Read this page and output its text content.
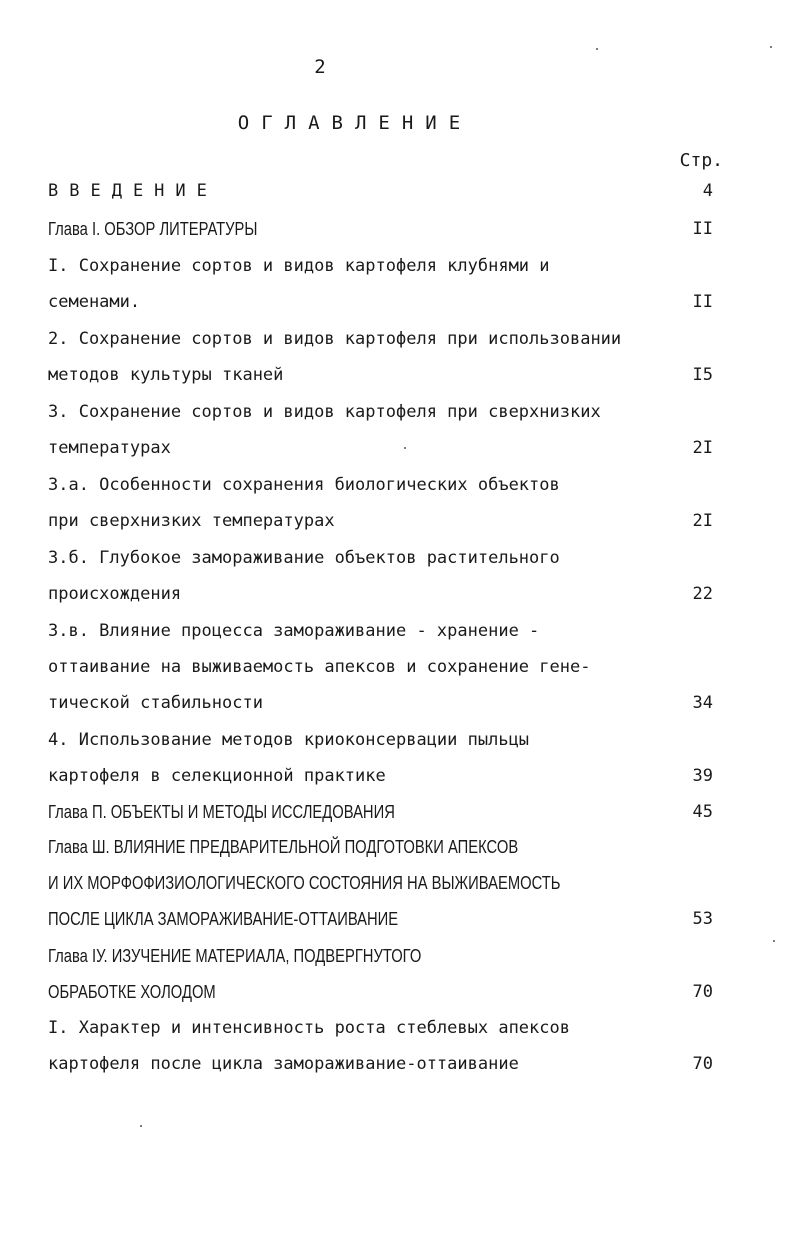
2
ОГЛАВЛЕНИЕ
Стр.
ВВЕДЕНИЕ	4
Глава I. ОБЗОР ЛИТЕРАТУРЫ	II
I. Сохранение сортов и видов картофеля клубнями и
семенами.	II
2. Сохранение сортов и видов картофеля при использовании
методов культуры тканей	I5
3. Сохранение сортов и видов картофеля при сверхнизких
температурах	2I
3.а. Особенности сохранения биологических объектов
при сверхнизких температурах	2I
3.б. Глубокое замораживание объектов растительного
происхождения	22
3.в. Влияние процесса замораживание - хранение -
оттаивание на выживаемость апексов и сохранение гене-
тической стабильности	34
4. Использование методов криоконсервации пыльцы
картофеля в селекционной практике	39
Глава П. ОБЪЕКТЫ И МЕТОДЫ ИССЛЕДОВАНИЯ	45
Глава Ш. ВЛИЯНИЕ ПРЕДВАРИТЕЛЬНОЙ ПОДГОТОВКИ АПЕКСОВ
И ИХ МОРФОФИЗИОЛОГИЧЕСКОГО СОСТОЯНИЯ НА ВЫЖИВАЕМОСТЬ
ПОСЛЕ ЦИКЛА ЗАМОРАЖИВАНИЕ-ОТТАИВАНИЕ	53
Глава IУ. ИЗУЧЕНИЕ МАТЕРИАЛА, ПОДВЕРГНУТОГО
ОБРАБОТКЕ ХОЛОДОМ	70
I. Характер и интенсивность роста стеблевых апексов
картофеля после цикла замораживание-оттаивание	70
